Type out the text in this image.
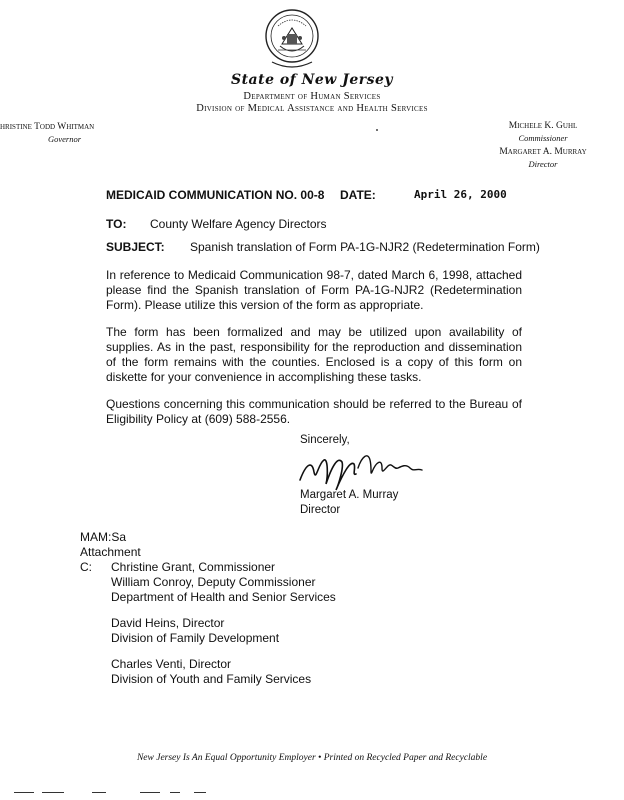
State of New Jersey
Department of Human Services
Division of Medical Assistance and Health Services
hristine Todd Whitman
Governor
Michele K. Guhl
Commissioner
Margaret A. Murray
Director
MEDICAID COMMUNICATION NO. 00-8 DATE:	April 26, 2000
TO: County Welfare Agency Directors
SUBJECT: Spanish translation of Form PA-1G-NJR2 (Redetermination Form)
In reference to Medicaid Communication 98-7, dated March 6, 1998, attached please find the Spanish translation of Form PA-1G-NJR2 (Redetermination Form). Please utilize this version of the form as appropriate.
The form has been formalized and may be utilized upon availability of supplies. As in the past, responsibility for the reproduction and dissemination of the form remains with the counties. Enclosed is a copy of this form on diskette for your convenience in accomplishing these tasks.
Questions concerning this communication should be referred to the Bureau of Eligibility Policy at (609) 588-2556.
Sincerely,
Margaret A. Murray
Director
MAM:Sa
Attachment
C: Christine Grant, Commissioner
William Conroy, Deputy Commissioner
Department of Health and Senior Services
David Heins, Director
Division of Family Development
Charles Venti, Director
Division of Youth and Family Services
New Jersey Is An Equal Opportunity Employer • Printed on Recycled Paper and Recyclable
